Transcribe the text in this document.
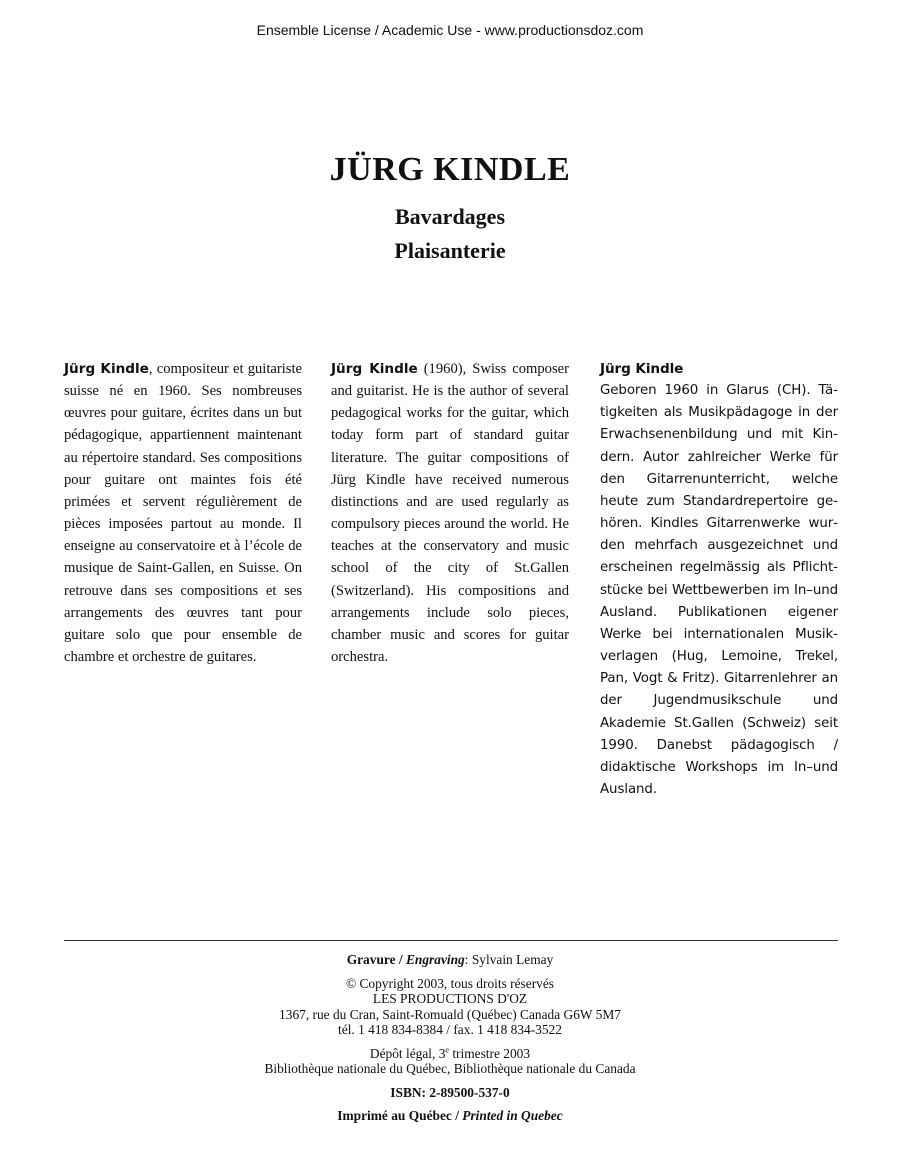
Ensemble License / Academic Use - www.productionsdoz.com
JÜRG KINDLE
Bavardages
Plaisanterie
Jürg Kindle, compositeur et guitariste suisse né en 1960. Ses nombreuses œuvres pour guitare, écrites dans un but pédagogique, appartiennent maintenant au répertoire standard. Ses compositions pour guitare ont maintes fois été primées et servent régulièrement de pièces imposées partout au monde. Il enseigne au conservatoire et à l’école de musique de Saint-Gallen, en Suisse. On retrouve dans ses compositions et ses arrangements des œuvres tant pour guitare solo que pour ensemble de chambre et orchestre de guitares.
Jürg Kindle (1960), Swiss composer and guitarist. He is the author of several pedagogical works for the guitar, which today form part of standard guitar literature. The guitar compositions of Jürg Kindle have received numerous distinctions and are used regularly as compulsory pieces around the world. He teaches at the conservatory and music school of the city of St.Gallen (Switzerland). His compositions and arrangements include solo pieces, chamber music and scores for guitar orchestra.
Jürg Kindle
Geboren 1960 in Glarus (CH). Tätigkeiten als Musikpädagoge in der Erwachsenenbildung und mit Kindern. Autor zahlreicher Werke für den Gitarrenunterricht, welche heute zum Standardrepertoire gehören. Kindles Gitarrenwerke wurden mehrfach ausgezeichnet und erscheinen regelmässig als Pflichtstücke bei Wettbewerben im In–und Ausland. Publikationen eigener Werke bei internationalen Musikverlagen (Hug, Lemoine, Trekel, Pan, Vogt & Fritz). Gitarrenlehrer an der Jugendmusikschule und Akademie St.Gallen (Schweiz) seit 1990. Danebst pädagogisch / didaktische Workshops im In–und Ausland.

Gravure / Engraving: Sylvain Lemay

© Copyright 2003, tous droits réservés

LES PRODUCTIONS D'OZ

1367, rue du Cran, Saint-Romuald (Québec) Canada G6W 5M7

tél. 1 418 834-8384 / fax. 1 418 834-3522

Dépôt légal, 3e trimestre 2003

Bibliothèque nationale du Québec, Bibliothèque nationale du Canada

ISBN: 2-89500-537-0

Imprimé au Québec / Printed in Quebec
